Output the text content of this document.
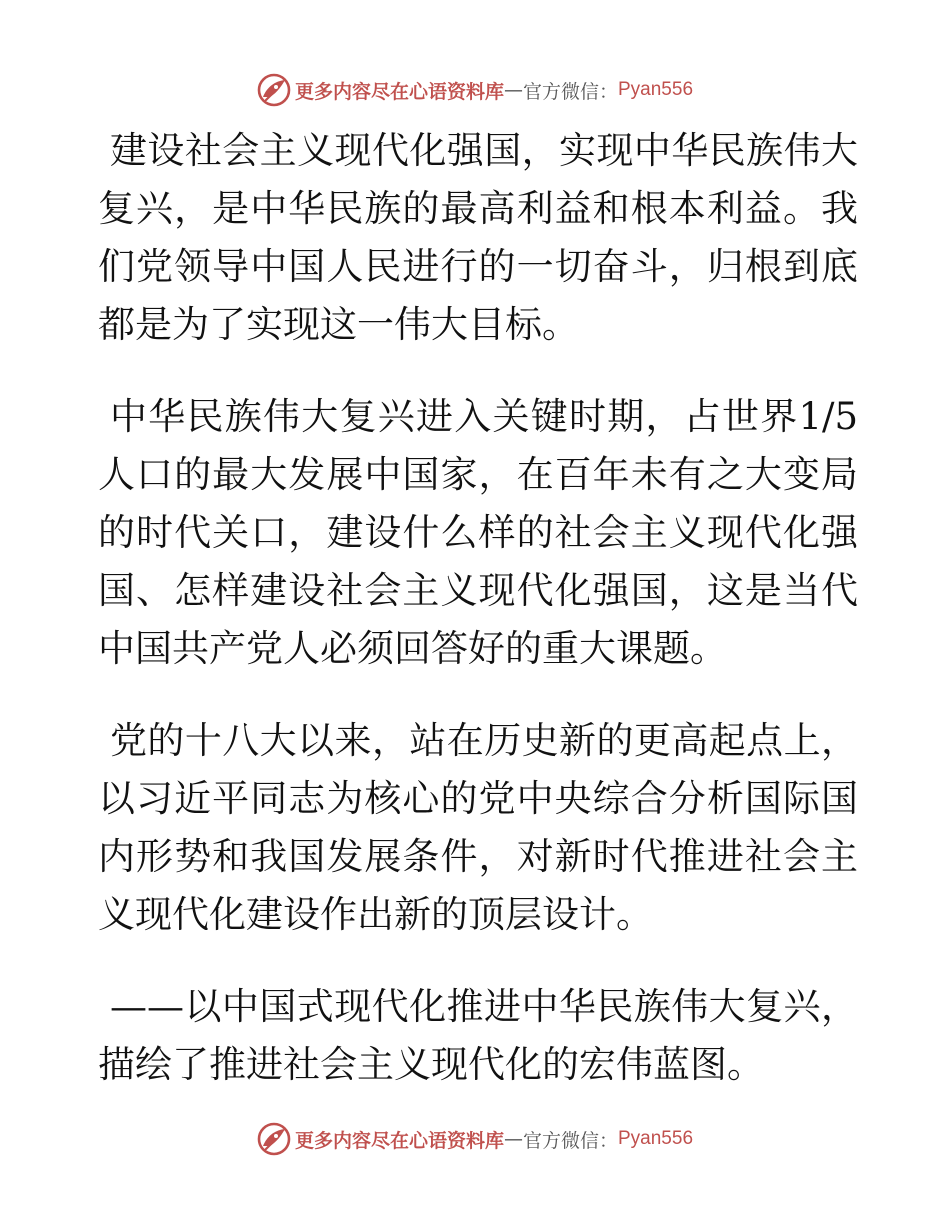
更多内容尽在心语资料库 — 官方微信： Pyan556

建设社会主义现代化强国，实现中华民族伟大复兴，是中华民族的最高利益和根本利益。我们党领导中国人民进行的一切奋斗，归根到底都是为了实现这一伟大目标。

中华民族伟大复兴进入关键时期，占世界1/5人口的最大发展中国家，在百年未有之大变局的时代关口，建设什么样的社会主义现代化强国、怎样建设社会主义现代化强国，这是当代中国共产党人必须回答好的重大课题。

党的十八大以来，站在历史新的更高起点上，以习近平同志为核心的党中央综合分析国际国内形势和我国发展条件，对新时代推进社会主义现代化建设作出新的顶层设计。

——以中国式现代化推进中华民族伟大复兴，描绘了推进社会主义现代化的宏伟蓝图。

更多内容尽在心语资料库 — 官方微信： Pyan556
